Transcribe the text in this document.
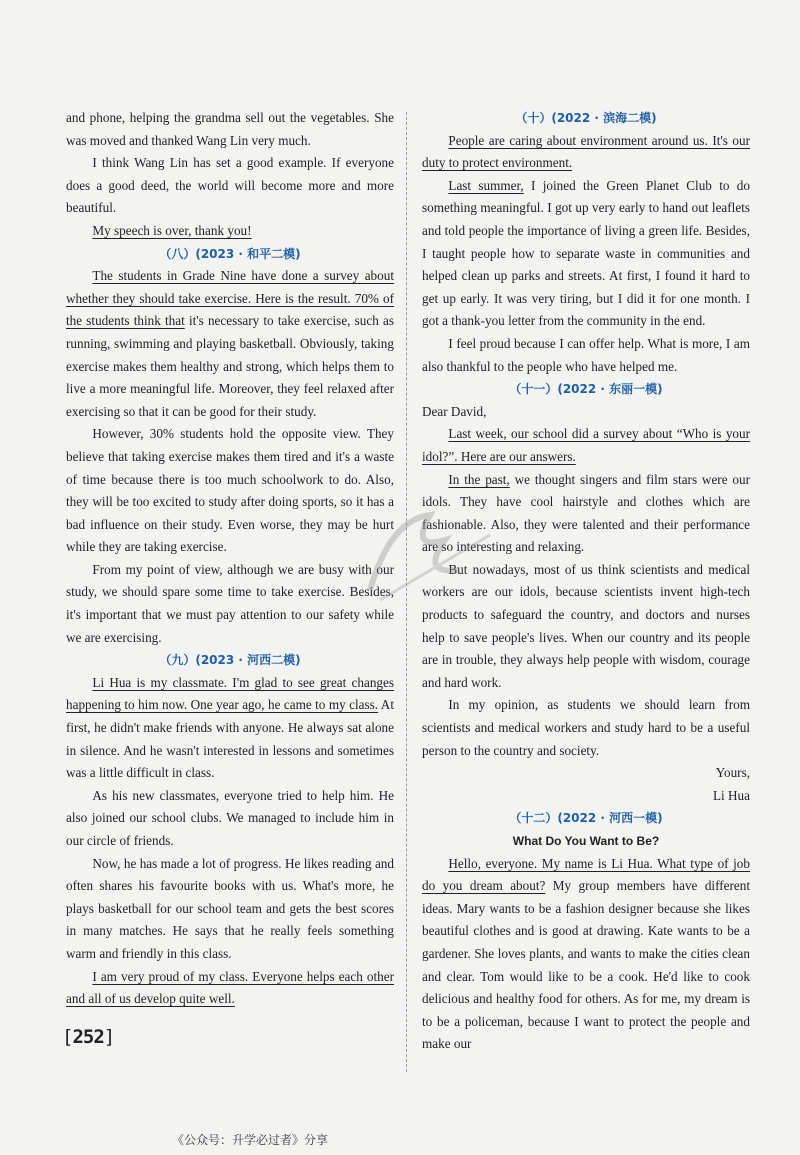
and phone, helping the grandma sell out the vegetables. She was moved and thanked Wang Lin very much.

I think Wang Lin has set a good example. If everyone does a good deed, the world will become more and more beautiful.

My speech is over, thank you!

（八）(2023 · 和平二模)

The students in Grade Nine have done a survey about whether they should take exercise. Here is the result. 70% of the students think that it's necessary to take exercise, such as running, swimming and playing basketball. Obviously, taking exercise makes them healthy and strong, which helps them to live a more meaningful life. Moreover, they feel relaxed after exercising so that it can be good for their study.

However, 30% students hold the opposite view. They believe that taking exercise makes them tired and it's a waste of time because there is too much schoolwork to do. Also, they will be too excited to study after doing sports, so it has a bad influence on their study. Even worse, they may be hurt while they are taking exercise.

From my point of view, although we are busy with our study, we should spare some time to take exercise. Besides, it's important that we must pay attention to our safety while we are exercising.

（九）(2023 · 河西二模)

Li Hua is my classmate. I'm glad to see great changes happening to him now. One year ago, he came to my class. At first, he didn't make friends with anyone. He always sat alone in silence. And he wasn't interested in lessons and sometimes was a little difficult in class.

As his new classmates, everyone tried to help him. He also joined our school clubs. We managed to include him in our circle of friends.

Now, he has made a lot of progress. He likes reading and often shares his favourite books with us. What's more, he plays basketball for our school team and gets the best scores in many matches. He says that he really feels something warm and friendly in this class.

I am very proud of my class. Everyone helps each other and all of us develop quite well.

（十）(2022 · 滨海二模)

People are caring about environment around us. It's our duty to protect environment.

Last summer, I joined the Green Planet Club to do something meaningful. I got up very early to hand out leaflets and told people the importance of living a green life. Besides, I taught people how to separate waste in communities and helped clean up parks and streets. At first, I found it hard to get up early. It was very tiring, but I did it for one month. I got a thank-you letter from the community in the end.

I feel proud because I can offer help. What is more, I am also thankful to the people who have helped me.

（十一）(2022 · 东丽一模)

Dear David,

Last week, our school did a survey about “Who is your idol?”. Here are our answers.

In the past, we thought singers and film stars were our idols. They have cool hairstyle and clothes which are fashionable. Also, they were talented and their performance are so interesting and relaxing.

But nowadays, most of us think scientists and medical workers are our idols, because scientists invent high-tech products to safeguard the country, and doctors and nurses help to save people's lives. When our country and its people are in trouble, they always help people with wisdom, courage and hard work.

In my opinion, as students we should learn from scientists and medical workers and study hard to be a useful person to the country and society.

Yours,

Li Hua

（十二）(2022 · 河西一模)

What Do You Want to Be?

Hello, everyone. My name is Li Hua. What type of job do you dream about? My group members have different ideas. Mary wants to be a fashion designer because she likes beautiful clothes and is good at drawing. Kate wants to be a gardener. She loves plants, and wants to make the cities clean and clear. Tom would like to be a cook. He'd like to cook delicious and healthy food for others. As for me, my dream is to be a policeman, because I want to protect the people and make our

[252]
《公众号：升学必过者》分享
